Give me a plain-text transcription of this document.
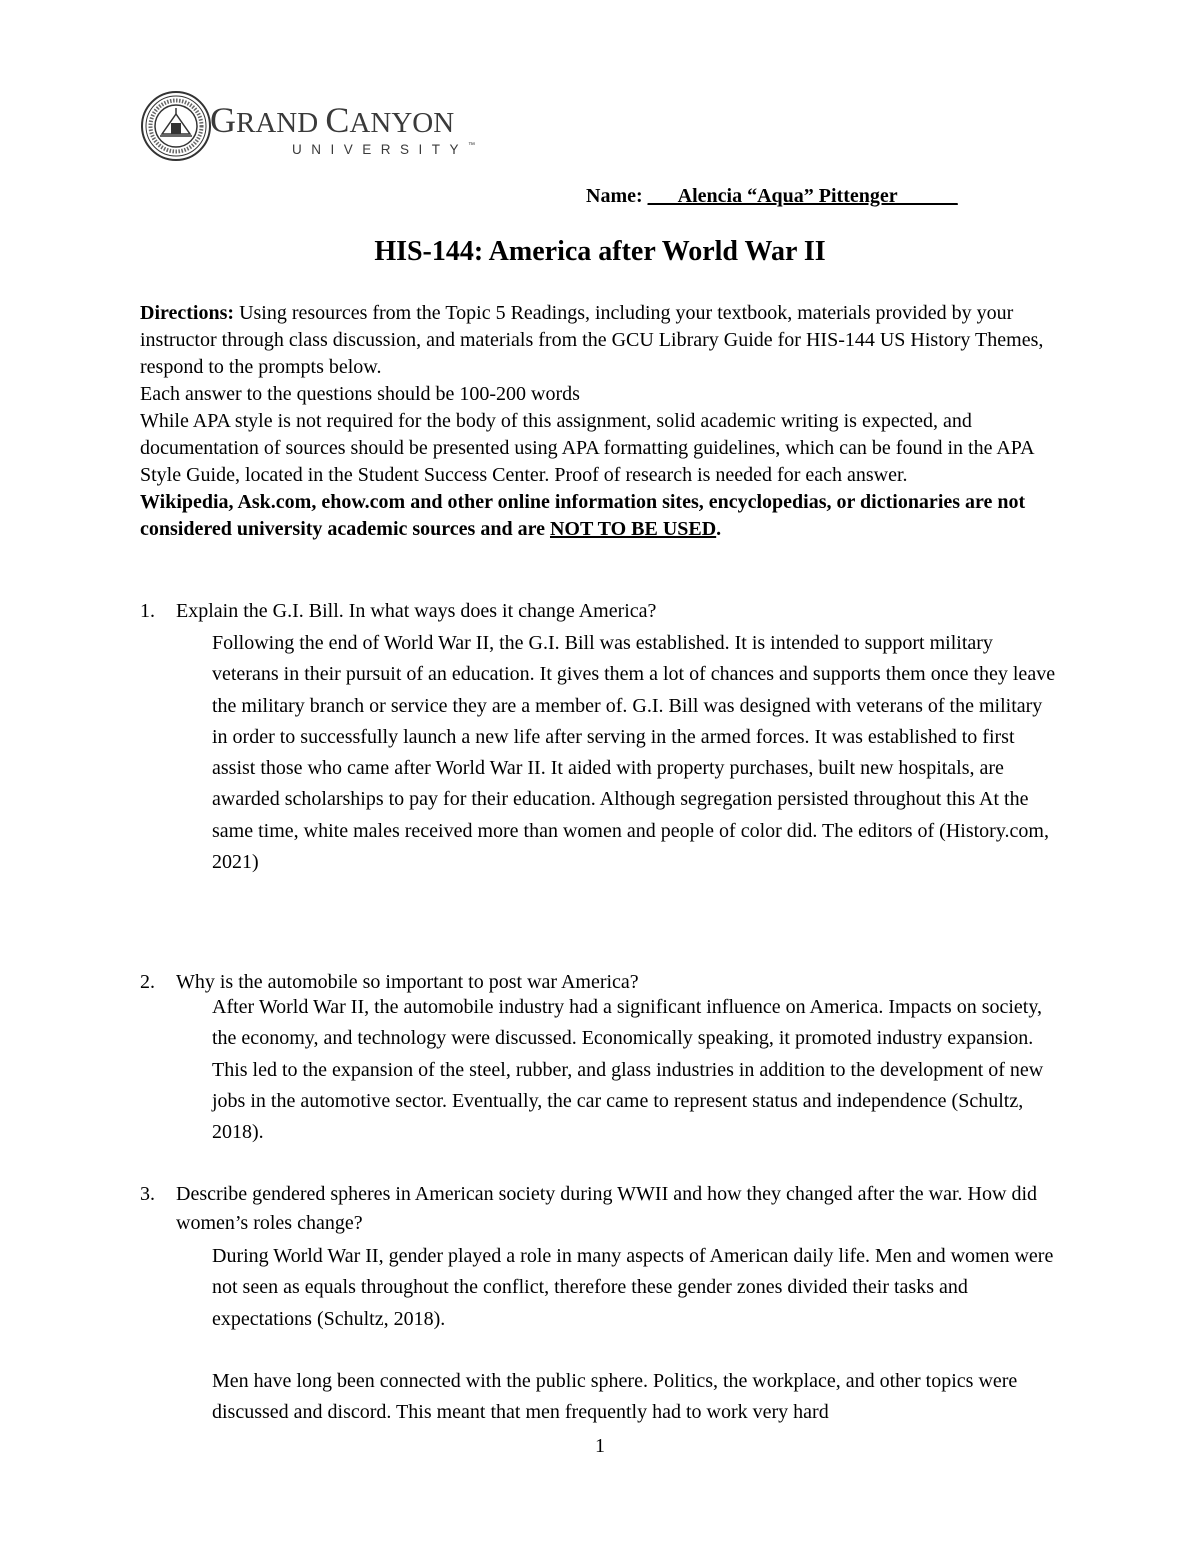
GRAND CANYON
UNIVERSITY™
Name: ___Alencia “Aqua” Pittenger______
HIS-144: America after World War II

Directions: Using resources from the Topic 5 Readings, including your textbook, materials provided by your instructor through class discussion, and materials from the GCU Library Guide for HIS-144 US History Themes, respond to the prompts below.

Each answer to the questions should be 100-200 words

While APA style is not required for the body of this assignment, solid academic writing is expected, and documentation of sources should be presented using APA formatting guidelines, which can be found in the APA Style Guide, located in the Student Success Center. Proof of research is needed for each answer.

Wikipedia, Ask.com, ehow.com and other online information sites, encyclopedias, or dictionaries are not considered university academic sources and are NOT TO BE USED.

1. Explain the G.I. Bill. In what ways does it change America?

Following the end of World War II, the G.I. Bill was established. It is intended to support military veterans in their pursuit of an education. It gives them a lot of chances and supports them once they leave the military branch or service they are a member of. G.I. Bill was designed with veterans of the military in order to successfully launch a new life after serving in the armed forces. It was established to first assist those who came after World War II. It aided with property purchases, built new hospitals, are awarded scholarships to pay for their education. Although segregation persisted throughout this At the same time, white males received more than women and people of color did. The editors of (History.com, 2021)

2. Why is the automobile so important to post war America?

After World War II, the automobile industry had a significant influence on America. Impacts on society, the economy, and technology were discussed. Economically speaking, it promoted industry expansion. This led to the expansion of the steel, rubber, and glass industries in addition to the development of new jobs in the automotive sector. Eventually, the car came to represent status and independence (Schultz, 2018).

3. Describe gendered spheres in American society during WWII and how they changed after the war. How did women’s roles change?

During World War II, gender played a role in many aspects of American daily life. Men and women were not seen as equals throughout the conflict, therefore these gender zones divided their tasks and expectations (Schultz, 2018).

Men have long been connected with the public sphere. Politics, the workplace, and other topics were discussed and discord. This meant that men frequently had to work very hard

1
